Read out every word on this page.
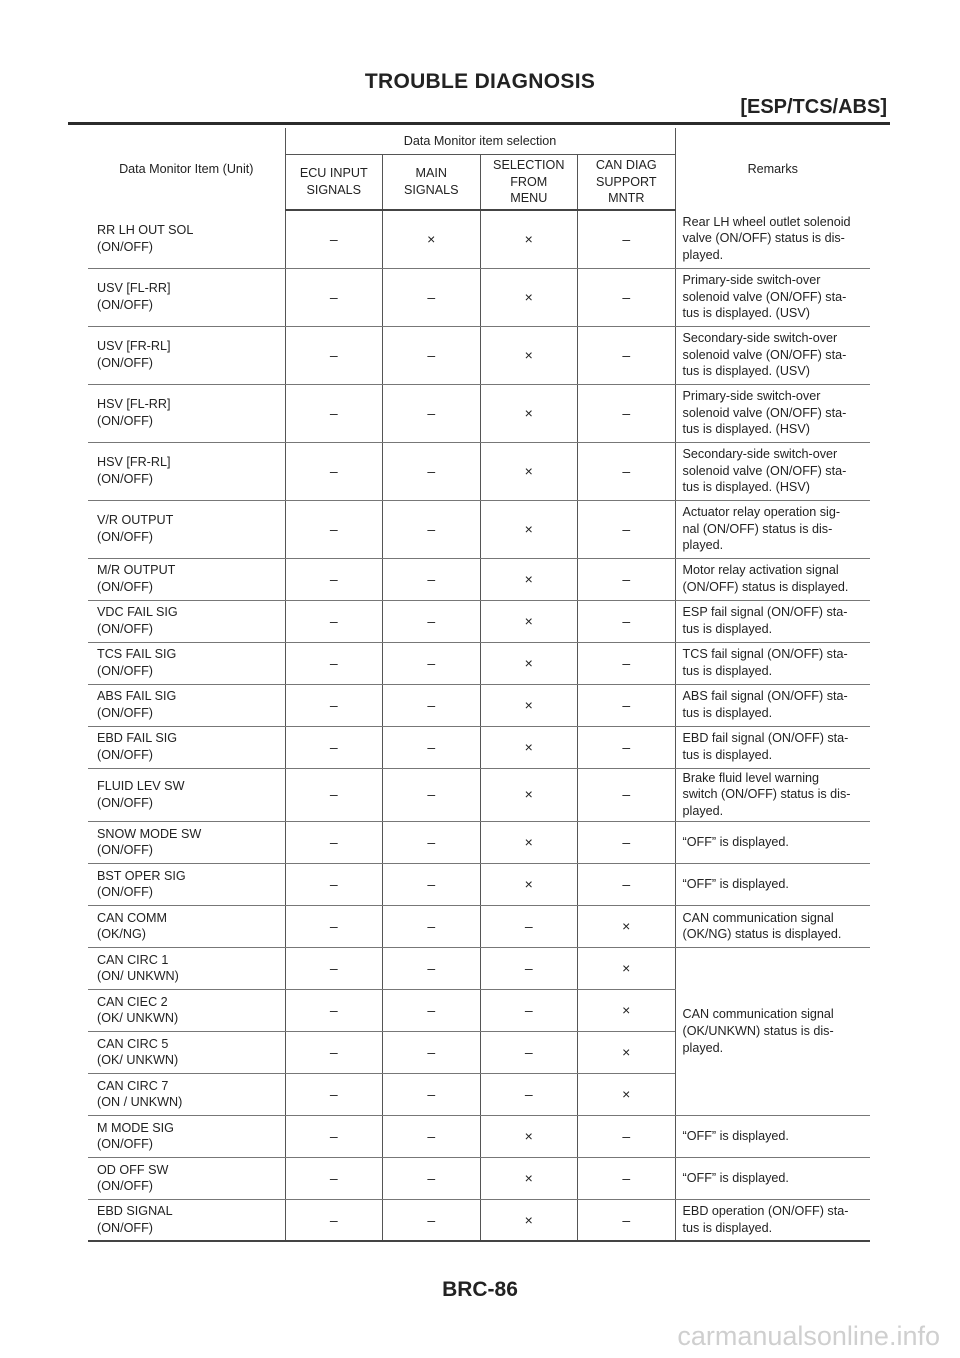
TROUBLE DIAGNOSIS
[ESP/TCS/ABS]
Data Monitor Item (Unit)	Data Monitor item selection				Remarks

	ECU INPUT
SIGNALS	MAIN
SIGNALS	SELECTION
FROM
MENU	CAN DIAG
SUPPORT
MNTR	

RR LH OUT SOL
(ON/OFF)	–	×	×	–	Rear LH wheel outlet solenoid
valve (ON/OFF) status is dis-
played.

USV [FL-RR]
(ON/OFF)	–	–	×	–	Primary-side switch-over
solenoid valve (ON/OFF) sta-
tus is displayed. (USV)

USV [FR-RL]
(ON/OFF)	–	–	×	–	Secondary-side switch-over
solenoid valve (ON/OFF) sta-
tus is displayed. (USV)

HSV [FL-RR]
(ON/OFF)	–	–	×	–	Primary-side switch-over
solenoid valve (ON/OFF) sta-
tus is displayed. (HSV)

HSV [FR-RL]
(ON/OFF)	–	–	×	–	Secondary-side switch-over
solenoid valve (ON/OFF) sta-
tus is displayed. (HSV)

V/R OUTPUT
(ON/OFF)	–	–	×	–	Actuator relay operation sig-
nal (ON/OFF) status is dis-
played.

M/R OUTPUT
(ON/OFF)	–	–	×	–	Motor relay activation signal
(ON/OFF) status is displayed.

VDC FAIL SIG
(ON/OFF)	–	–	×	–	ESP fail signal (ON/OFF) sta-
tus is displayed.

TCS FAIL SIG
(ON/OFF)	–	–	×	–	TCS fail signal (ON/OFF) sta-
tus is displayed.

ABS FAIL SIG
(ON/OFF)	–	–	×	–	ABS fail signal (ON/OFF) sta-
tus is displayed.

EBD FAIL SIG
(ON/OFF)	–	–	×	–	EBD fail signal (ON/OFF) sta-
tus is displayed.

FLUID LEV SW
(ON/OFF)	–	–	×	–	Brake fluid level warning
switch (ON/OFF) status is dis-
played.

SNOW MODE SW
(ON/OFF)	–	–	×	–	“OFF” is displayed.

BST OPER SIG
(ON/OFF)	–	–	×	–	“OFF” is displayed.

CAN COMM
(OK/NG)	–	–	–	×	CAN communication signal
(OK/NG) status is displayed.

CAN CIRC 1
(ON/ UNKWN)	–	–	–	×	CAN communication signal
(OK/UNKWN) status is dis-
played.

CAN CIEC 2
(OK/ UNKWN)	–	–	–	×	

CAN CIRC 5
(OK/ UNKWN)	–	–	–	×	

CAN CIRC 7
(ON / UNKWN)	–	–	–	×	

M MODE SIG
(ON/OFF)	–	–	×	–	“OFF” is displayed.

OD OFF SW
(ON/OFF)	–	–	×	–	“OFF” is displayed.

EBD SIGNAL
(ON/OFF)	–	–	×	–	EBD operation (ON/OFF) sta-
tus is displayed.
BRC-86
carmanualsonline.info
